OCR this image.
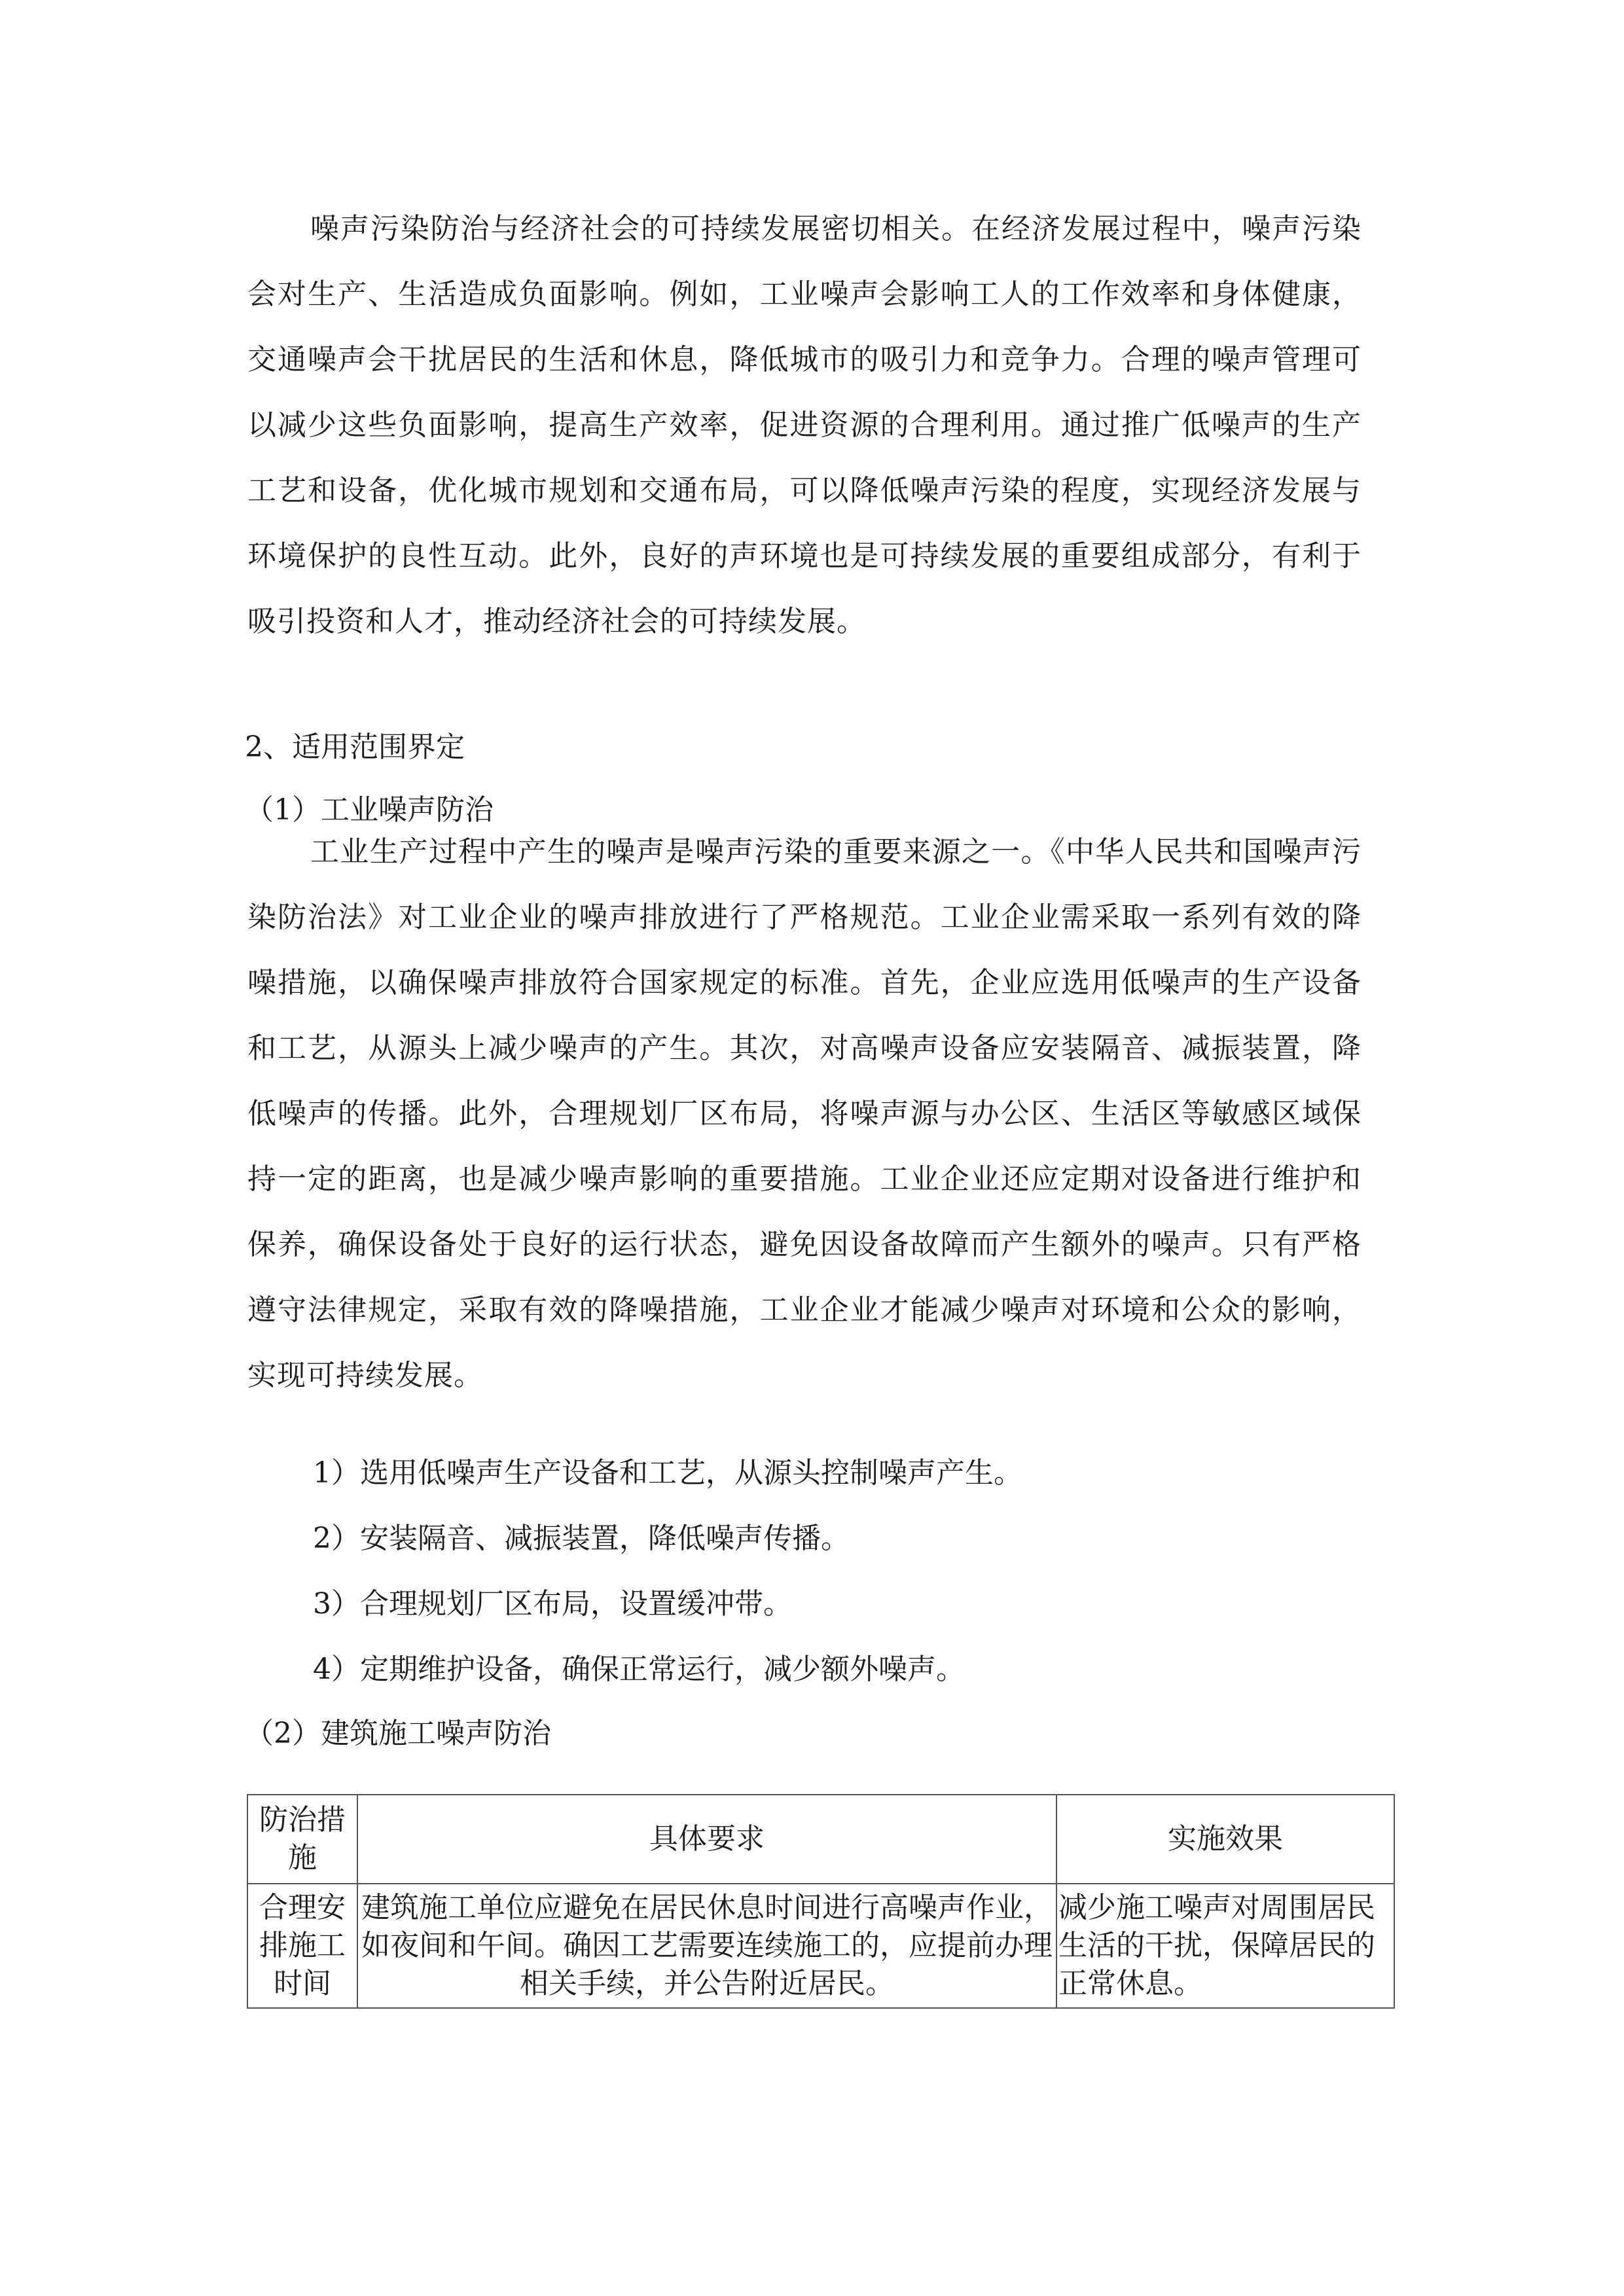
噪声污染防治与经济社会的可持续发展密切相关。在经济发展过程中，噪声污染会对生产、生活造成负面影响。例如，工业噪声会影响工人的工作效率和身体健康，交通噪声会干扰居民的生活和休息，降低城市的吸引力和竞争力。合理的噪声管理可以减少这些负面影响，提高生产效率，促进资源的合理利用。通过推广低噪声的生产工艺和设备，优化城市规划和交通布局，可以降低噪声污染的程度，实现经济发展与环境保护的良性互动。此外，良好的声环境也是可持续发展的重要组成部分，有利于吸引投资和人才，推动经济社会的可持续发展。

2、适用范围界定

（1）工业噪声防治

工业生产过程中产生的噪声是噪声污染的重要来源之一。《中华人民共和国噪声污染防治法》对工业企业的噪声排放进行了严格规范。工业企业需采取一系列有效的降噪措施，以确保噪声排放符合国家规定的标准。首先，企业应选用低噪声的生产设备和工艺，从源头上减少噪声的产生。其次，对高噪声设备应安装隔音、减振装置，降低噪声的传播。此外，合理规划厂区布局，将噪声源与办公区、生活区等敏感区域保持一定的距离，也是减少噪声影响的重要措施。工业企业还应定期对设备进行维护和保养，确保设备处于良好的运行状态，避免因设备故障而产生额外的噪声。只有严格遵守法律规定，采取有效的降噪措施，工业企业才能减少噪声对环境和公众的影响，实现可持续发展。

1）选用低噪声生产设备和工艺，从源头控制噪声产生。

2）安装隔音、减振装置，降低噪声传播。

3）合理规划厂区布局，设置缓冲带。

4）定期维护设备，确保正常运行，减少额外噪声。

（2）建筑施工噪声防治

防治措施	具体要求	实施效果
合理安排施工时间	建筑施工单位应避免在居民休息时间进行高噪声作业，如夜间和午间。确因工艺需要连续施工的，应提前办理相关手续，并公告附近居民。	减少施工噪声对周围居民生活的干扰，保障居民的正常休息。
